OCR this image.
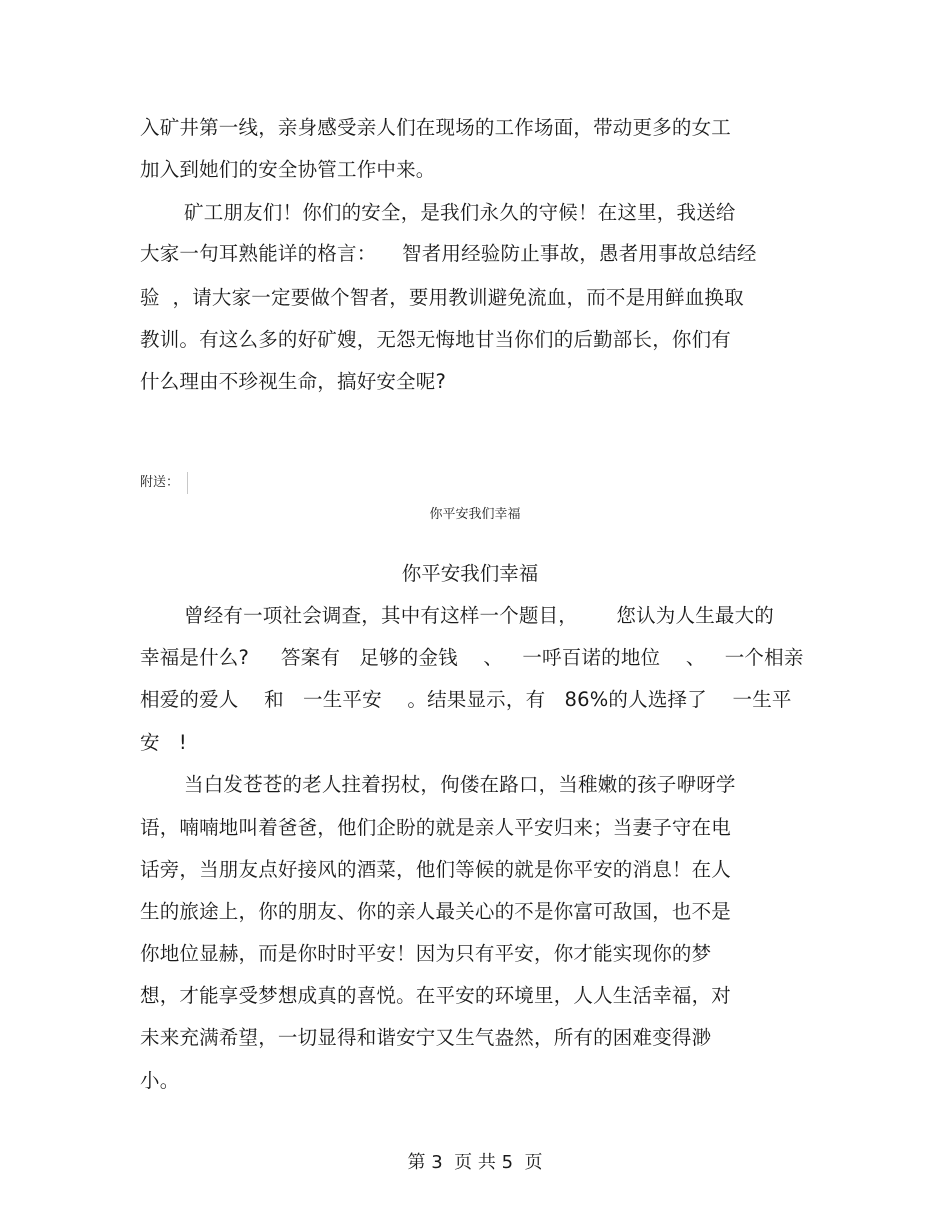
入矿井第一线，亲身感受亲人们在现场的工作场面，带动更多的女工
加入到她们的安全协管工作中来。
矿工朋友们！你们的安全，是我们永久的守候！在这里，我送给
大家一句耳熟能详的格言：    智者用经验防止事故，愚者用事故总结经
验  ，请大家一定要做个智者，要用教训避免流血，而不是用鲜血换取
教训。有这么多的好矿嫂，无怨无悔地甘当你们的后勤部长，你们有
什么理由不珍视生命，搞好安全呢?
附送：
你平安我们幸福
你平安我们幸福
曾经有一项社会调查，其中有这样一个题目，      您认为人生最大的
幸福是什么?     答案有   足够的金钱    、   一呼百诺的地位    、   一个相亲
相爱的爱人    和   一生平安    。结果显示，有   86%的人选择了    一生平
安   !
当白发苍苍的老人拄着拐杖，佝偻在路口，当稚嫩的孩子咿呀学
语，喃喃地叫着爸爸，他们企盼的就是亲人平安归来；当妻子守在电
话旁，当朋友点好接风的酒菜，他们等候的就是你平安的消息！在人
生的旅途上，你的朋友、你的亲人最关心的不是你富可敌国，也不是
你地位显赫，而是你时时平安！因为只有平安，你才能实现你的梦
想，才能享受梦想成真的喜悦。在平安的环境里，人人生活幸福，对
未来充满希望，一切显得和谐安宁又生气盎然，所有的困难变得渺
小。
第 3  页 共 5  页
